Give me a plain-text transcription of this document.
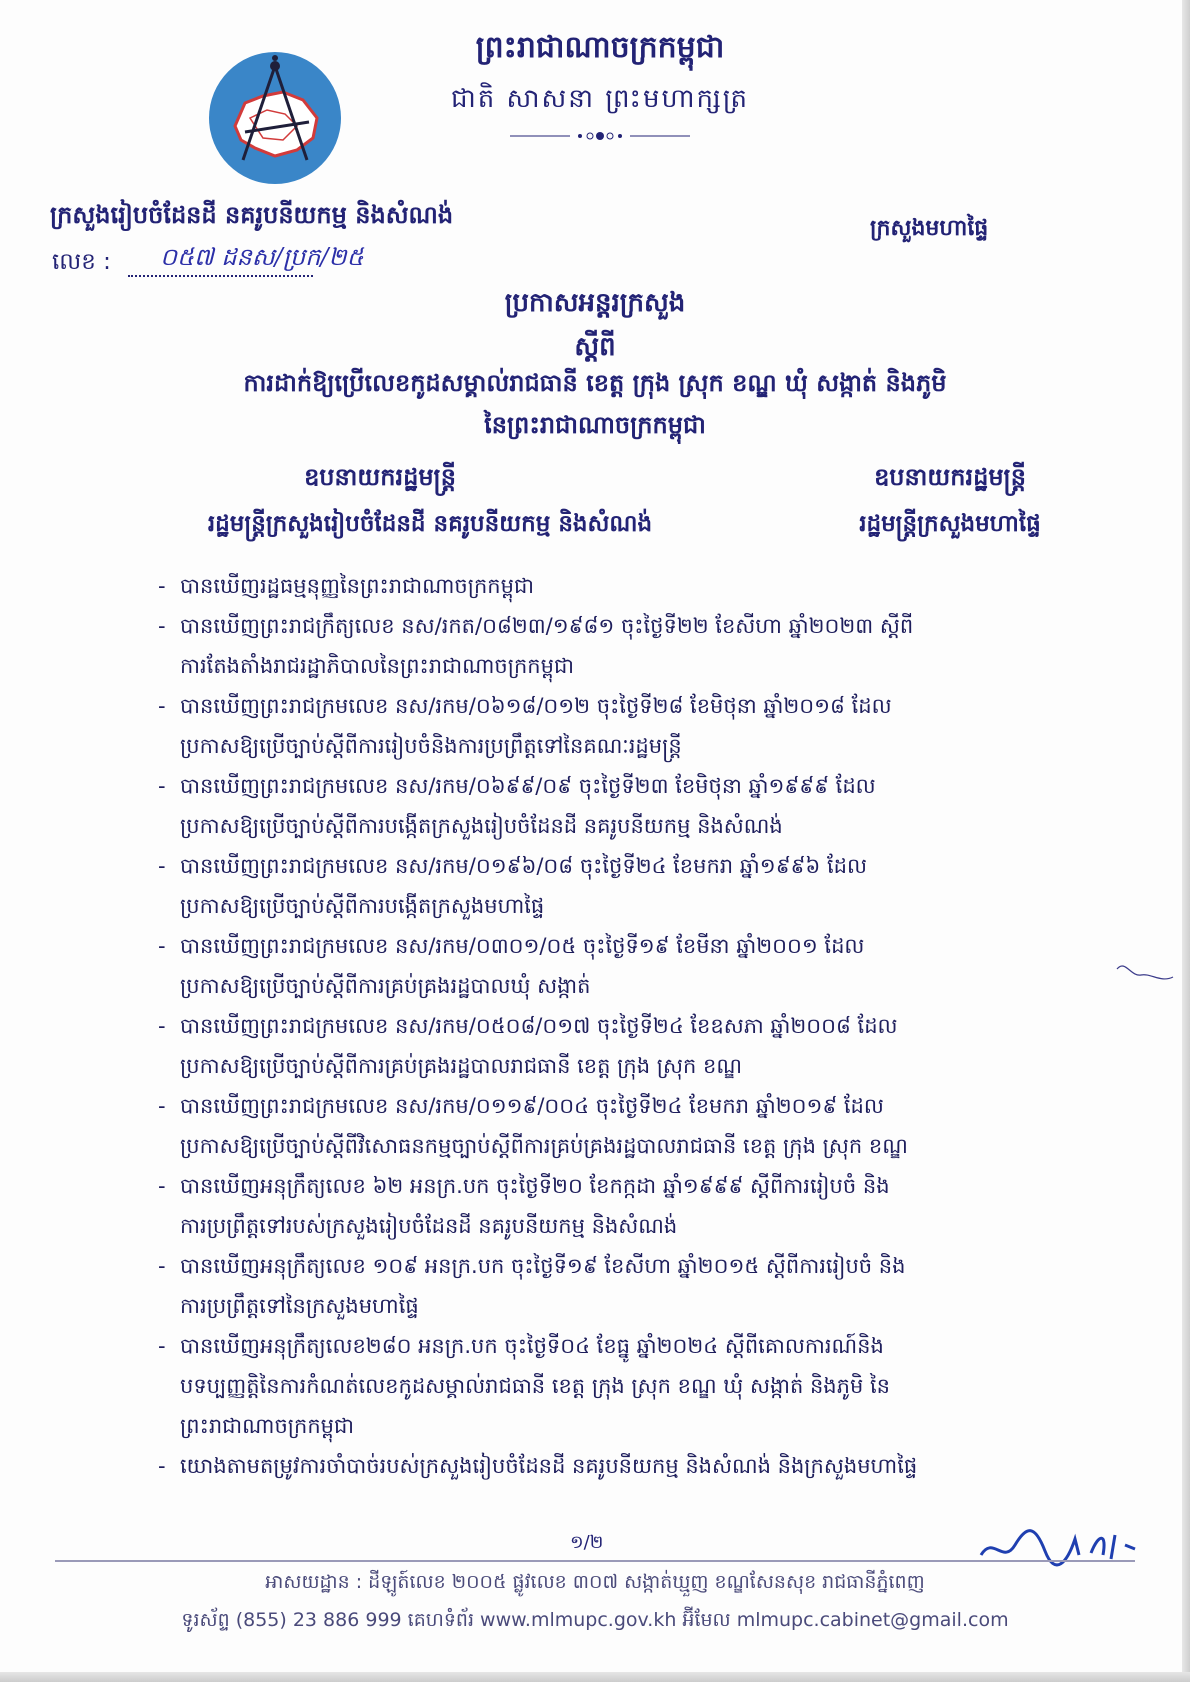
ព្រះរាជាណាចក្រកម្ពុជា
ជាតិ សាសនា ព្រះមហាក្សត្រ
ក្រសួងរៀបចំដែនដី នគរូបនីយកម្ម និងសំណង់	ក្រសួងមហាផ្ទៃ
លេខ : ០៥៧ ដនស/ប្រក/២៥
ប្រកាសអន្តរក្រសួង
ស្តីពី
ការដាក់ឱ្យប្រើលេខកូដសម្គាល់រាជធានី ខេត្ត ក្រុង ស្រុក ខណ្ឌ ឃុំ សង្កាត់ និងភូមិ
នៃព្រះរាជាណាចក្រកម្ពុជា
ឧបនាយករដ្ឋមន្ត្រី
រដ្ឋមន្ត្រីក្រសួងរៀបចំដែនដី នគរូបនីយកម្ម និងសំណង់
ឧបនាយករដ្ឋមន្ត្រី
រដ្ឋមន្ត្រីក្រសួងមហាផ្ទៃ
- បានឃើញរដ្ឋធម្មនុញ្ញនៃព្រះរាជាណាចក្រកម្ពុជា
- បានឃើញព្រះរាជក្រឹត្យលេខ នស/រកត/០៨២៣/១៩៨១ ចុះថ្ងៃទី២២ ខែសីហា ឆ្នាំ២០២៣ ស្តីពី
ការតែងតាំងរាជរដ្ឋាភិបាលនៃព្រះរាជាណាចក្រកម្ពុជា
- បានឃើញព្រះរាជក្រមលេខ នស/រកម/០៦១៨/០១២ ចុះថ្ងៃទី២៨ ខែមិថុនា ឆ្នាំ២០១៨ ដែល
ប្រកាសឱ្យប្រើច្បាប់ស្តីពីការរៀបចំនិងការប្រព្រឹត្តទៅនៃគណៈរដ្ឋមន្ត្រី
- បានឃើញព្រះរាជក្រមលេខ នស/រកម/០៦៩៩/០៩ ចុះថ្ងៃទី២៣ ខែមិថុនា ឆ្នាំ១៩៩៩ ដែល
ប្រកាសឱ្យប្រើច្បាប់ស្តីពីការបង្កើតក្រសួងរៀបចំដែនដី នគរូបនីយកម្ម និងសំណង់
- បានឃើញព្រះរាជក្រមលេខ នស/រកម/០១៩៦/០៨ ចុះថ្ងៃទី២៤ ខែមករា ឆ្នាំ១៩៩៦ ដែល
ប្រកាសឱ្យប្រើច្បាប់ស្តីពីការបង្កើតក្រសួងមហាផ្ទៃ
- បានឃើញព្រះរាជក្រមលេខ នស/រកម/០៣០១/០៥ ចុះថ្ងៃទី១៩ ខែមីនា ឆ្នាំ២០០១ ដែល
ប្រកាសឱ្យប្រើច្បាប់ស្តីពីការគ្រប់គ្រងរដ្ឋបាលឃុំ សង្កាត់
- បានឃើញព្រះរាជក្រមលេខ នស/រកម/០៥០៨/០១៧ ចុះថ្ងៃទី២៤ ខែឧសភា ឆ្នាំ២០០៨ ដែល
ប្រកាសឱ្យប្រើច្បាប់ស្តីពីការគ្រប់គ្រងរដ្ឋបាលរាជធានី ខេត្ត ក្រុង ស្រុក ខណ្ឌ
- បានឃើញព្រះរាជក្រមលេខ នស/រកម/០១១៩/០០៤ ចុះថ្ងៃទី២៤ ខែមករា ឆ្នាំ២០១៩ ដែល
ប្រកាសឱ្យប្រើច្បាប់ស្តីពីវិសោធនកម្មច្បាប់ស្តីពីការគ្រប់គ្រងរដ្ឋបាលរាជធានី ខេត្ត ក្រុង ស្រុក ខណ្ឌ
- បានឃើញអនុក្រឹត្យលេខ ៦២ អនក្រ.បក ចុះថ្ងៃទី២០ ខែកក្កដា ឆ្នាំ១៩៩៩ ស្តីពីការរៀបចំ និង
ការប្រព្រឹត្តទៅរបស់ក្រសួងរៀបចំដែនដី នគរូបនីយកម្ម និងសំណង់
- បានឃើញអនុក្រឹត្យលេខ ១០៩ អនក្រ.បក ចុះថ្ងៃទី១៩ ខែសីហា ឆ្នាំ២០១៥ ស្តីពីការរៀបចំ និង
ការប្រព្រឹត្តទៅនៃក្រសួងមហាផ្ទៃ
- បានឃើញអនុក្រឹត្យលេខ២៨០ អនក្រ.បក ចុះថ្ងៃទី០៤ ខែធ្នូ ឆ្នាំ២០២៤ ស្តីពីគោលការណ៍និង
បទប្បញ្ញត្តិនៃការកំណត់លេខកូដសម្គាល់រាជធានី ខេត្ត ក្រុង ស្រុក ខណ្ឌ ឃុំ សង្កាត់ និងភូមិ នៃ
ព្រះរាជាណាចក្រកម្ពុជា
- យោងតាមតម្រូវការចាំបាច់របស់ក្រសួងរៀបចំដែនដី នគរូបនីយកម្ម និងសំណង់ និងក្រសួងមហាផ្ទៃ
១/២
អាសយដ្ឋាន : ដីឡូត៍លេខ ២០០៥ ផ្លូវលេខ ៣០៧ សង្កាត់ឃ្មួញ ខណ្ឌសែនសុខ រាជធានីភ្នំពេញ
ទូរស័ព្ទ (855) 23 886 999 គេហទំព័រ www.mlmupc.gov.kh អ៊ីមែល mlmupc.cabinet@gmail.com
